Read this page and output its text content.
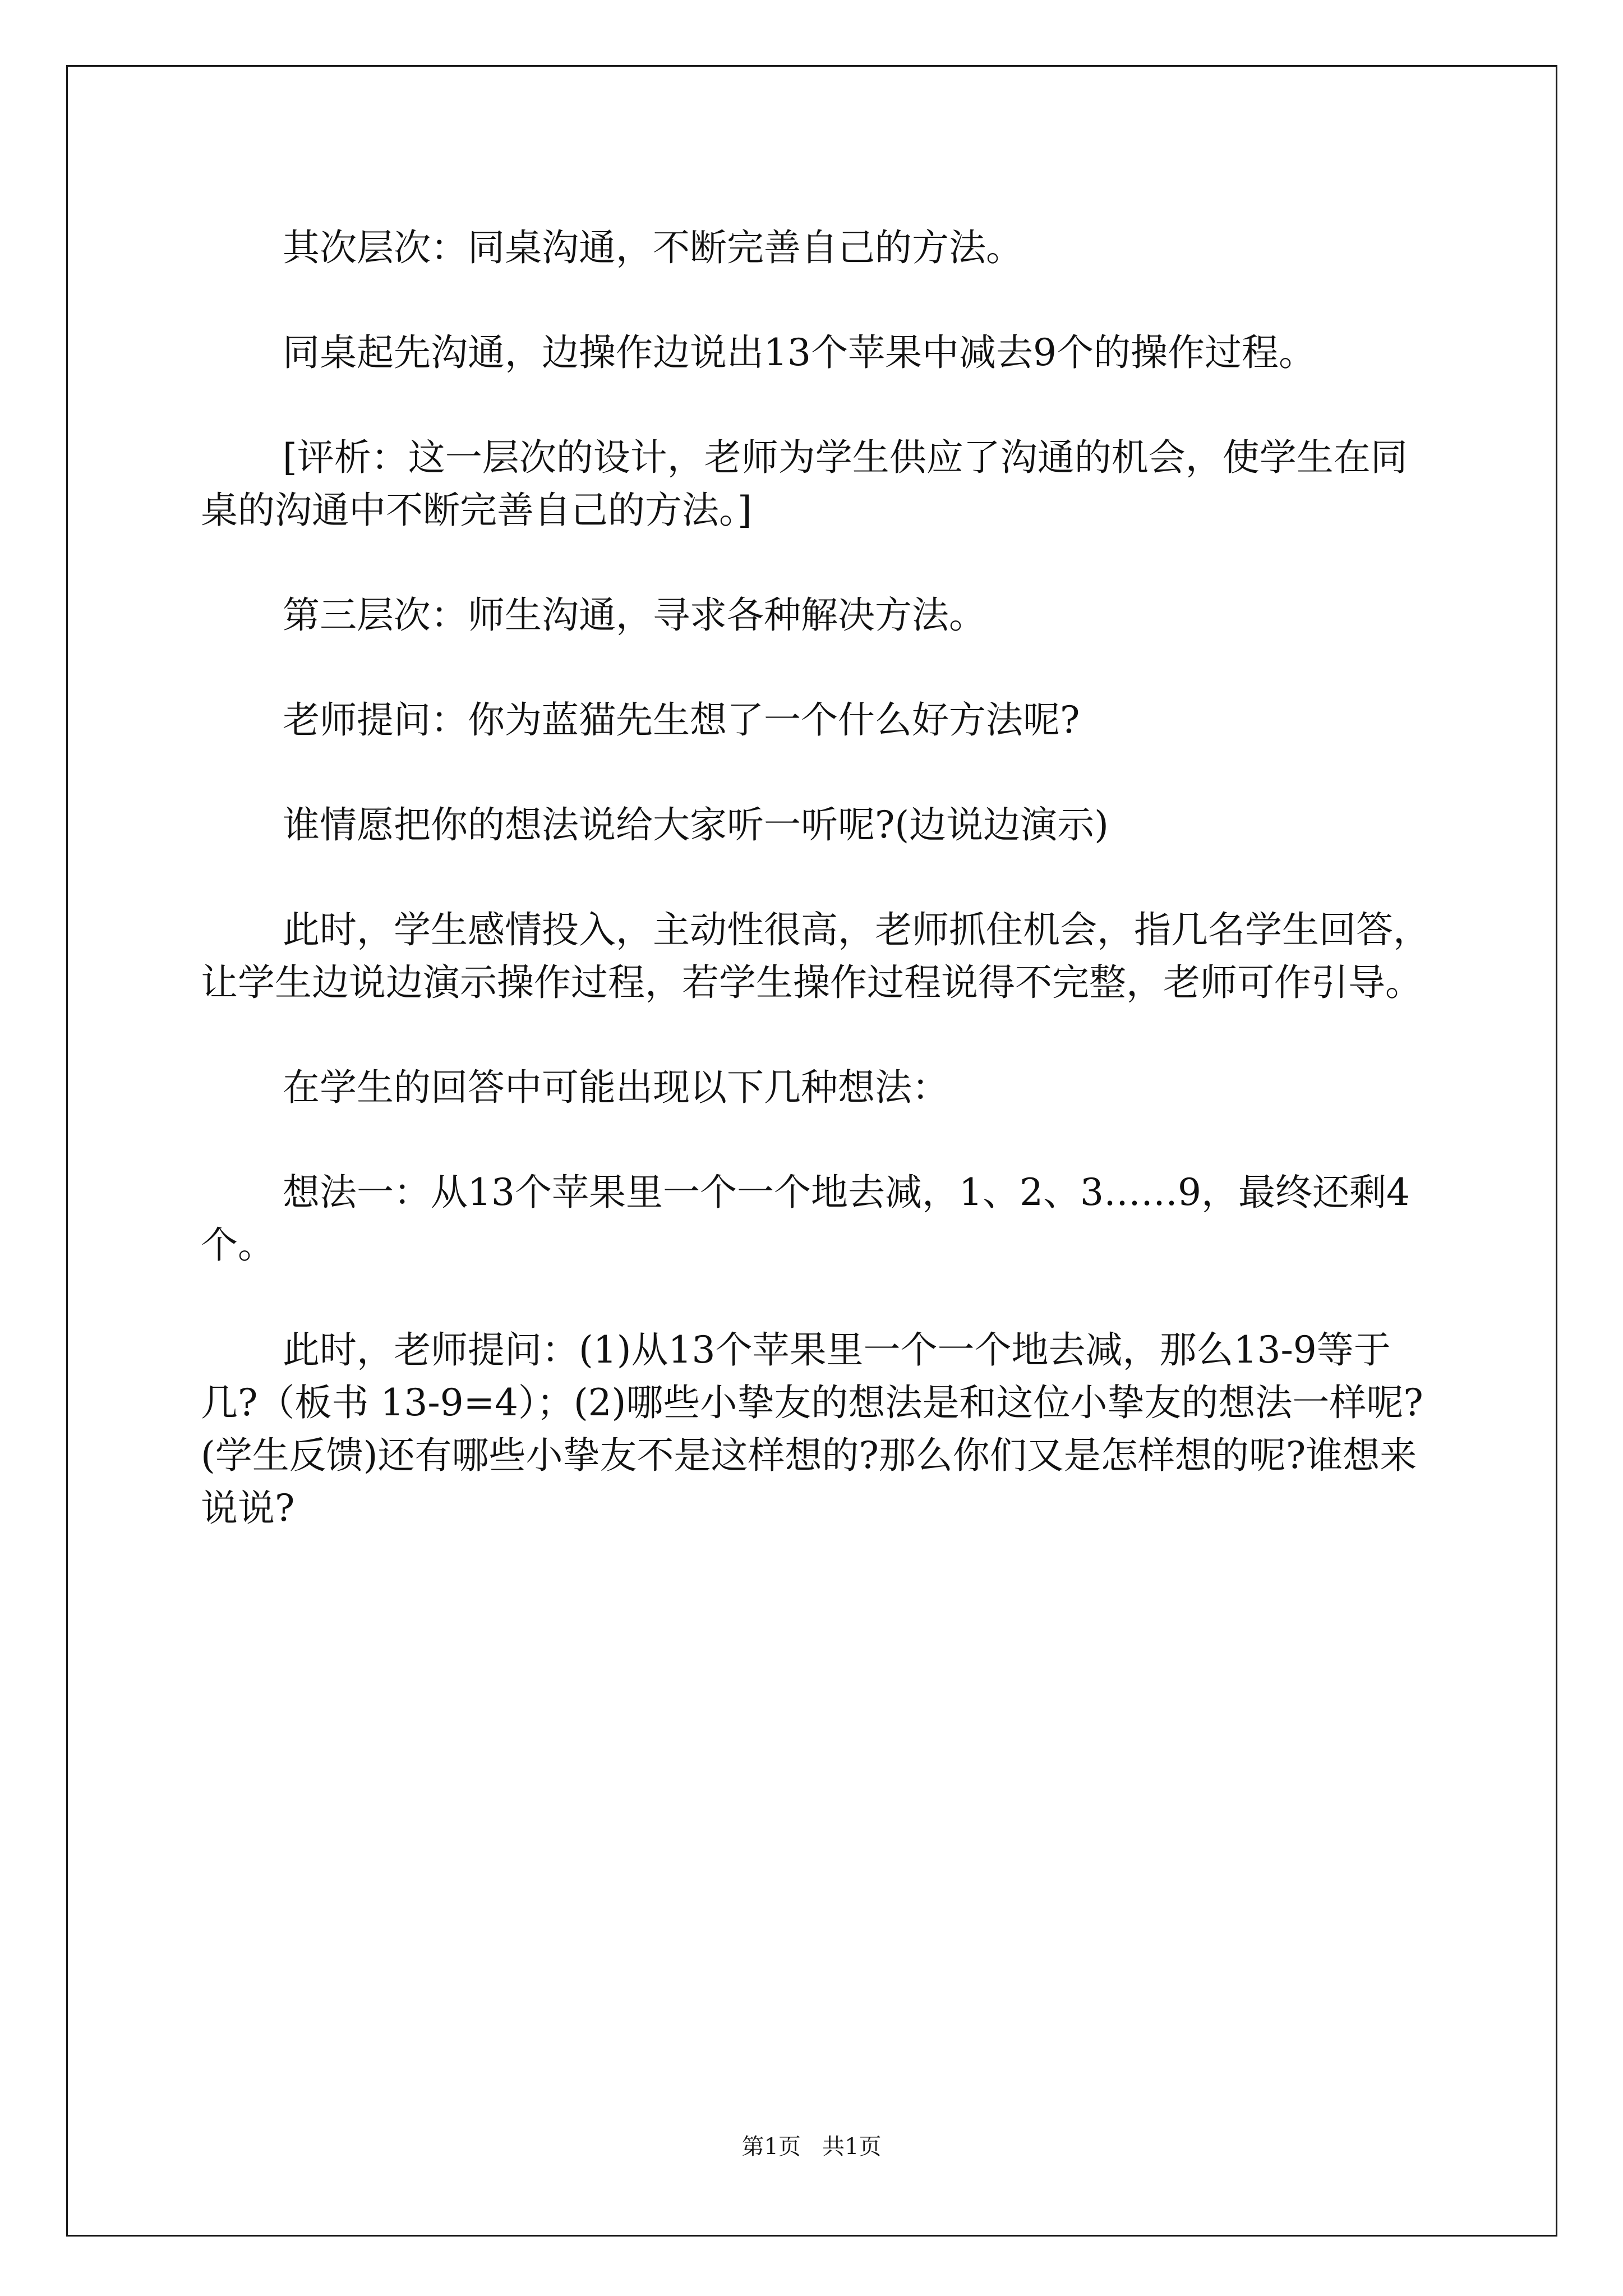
其次层次：同桌沟通，不断完善自己的方法。

同桌起先沟通，边操作边说出13个苹果中减去9个的操作过程。

[评析：这一层次的设计，老师为学生供应了沟通的机会，使学生在同桌的沟通中不断完善自己的方法。]

第三层次：师生沟通，寻求各种解决方法。

老师提问：你为蓝猫先生想了一个什么好方法呢?

谁情愿把你的想法说给大家听一听呢?(边说边演示)

此时，学生感情投入，主动性很高，老师抓住机会，指几名学生回答，让学生边说边演示操作过程，若学生操作过程说得不完整，老师可作引导。

在学生的回答中可能出现以下几种想法：

想法一：从13个苹果里一个一个地去减，1、2、3……9，最终还剩4个。

此时，老师提问：(1)从13个苹果里一个一个地去减，那么13-9等于几?（板书 13-9=4）；(2)哪些小挚友的想法是和这位小挚友的想法一样呢?(学生反馈)还有哪些小挚友不是这样想的?那么你们又是怎样想的呢?谁想来说说?

第1页   共1页
